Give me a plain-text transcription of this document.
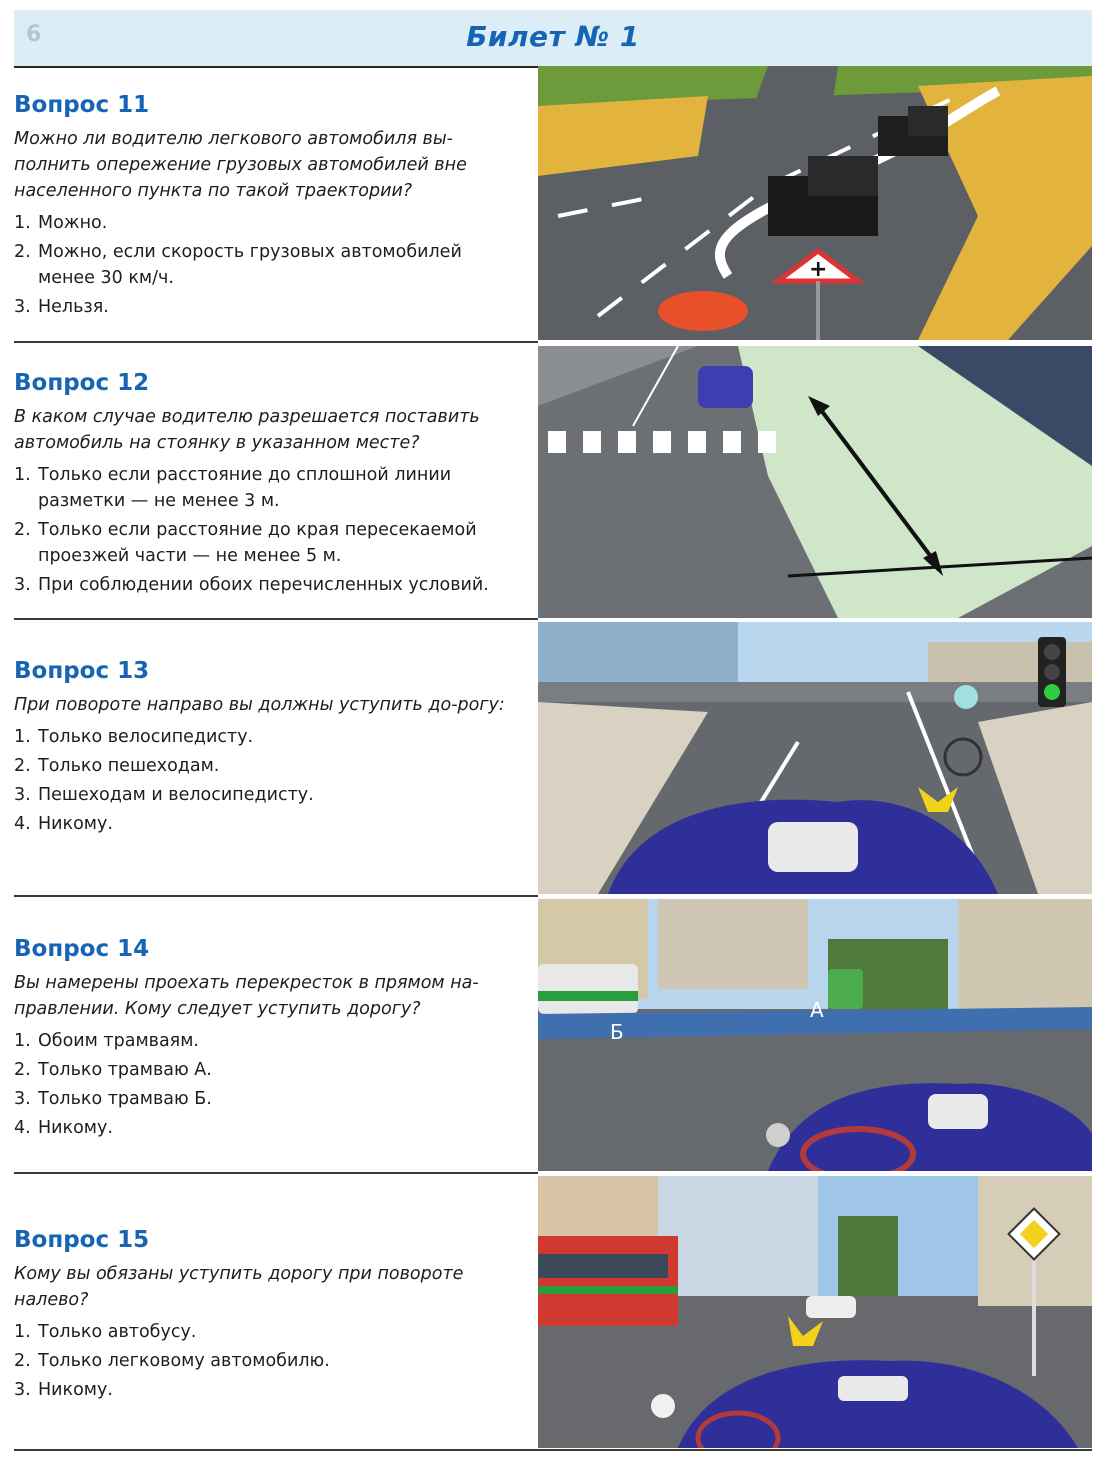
6	Билет № 1
Вопрос 11
Можно ли водителю легкового автомобиля вы-полнить опережение грузовых автомобилей вне населенного пункта по такой траектории?
1. Можно.
2. Можно, если скорость грузовых автомобилей менее 30 км/ч.
3. Нельзя.
+
Вопрос 12
В каком случае водителю разрешается поставить автомобиль на стоянку в указанном месте?
1. Только если расстояние до сплошной линии разметки — не менее 3 м.
2. Только если расстояние до края пересекаемой проезжей части — не менее 5 м.
3. При соблюдении обоих перечисленных условий.
Вопрос 13
При повороте направо вы должны уступить до-рогу:
1. Только велосипедисту.
2. Только пешеходам.
3. Пешеходам и велосипедисту.
4. Никому.
Вопрос 14
Вы намерены проехать перекресток в прямом на-правлении. Кому следует уступить дорогу?
1. Обоим трамваям.
2. Только трамваю А.
3. Только трамваю Б.
4. Никому.
А
Б
Вопрос 15
Кому вы обязаны уступить дорогу при повороте налево?
1. Только автобусу.
2. Только легковому автомобилю.
3. Никому.
